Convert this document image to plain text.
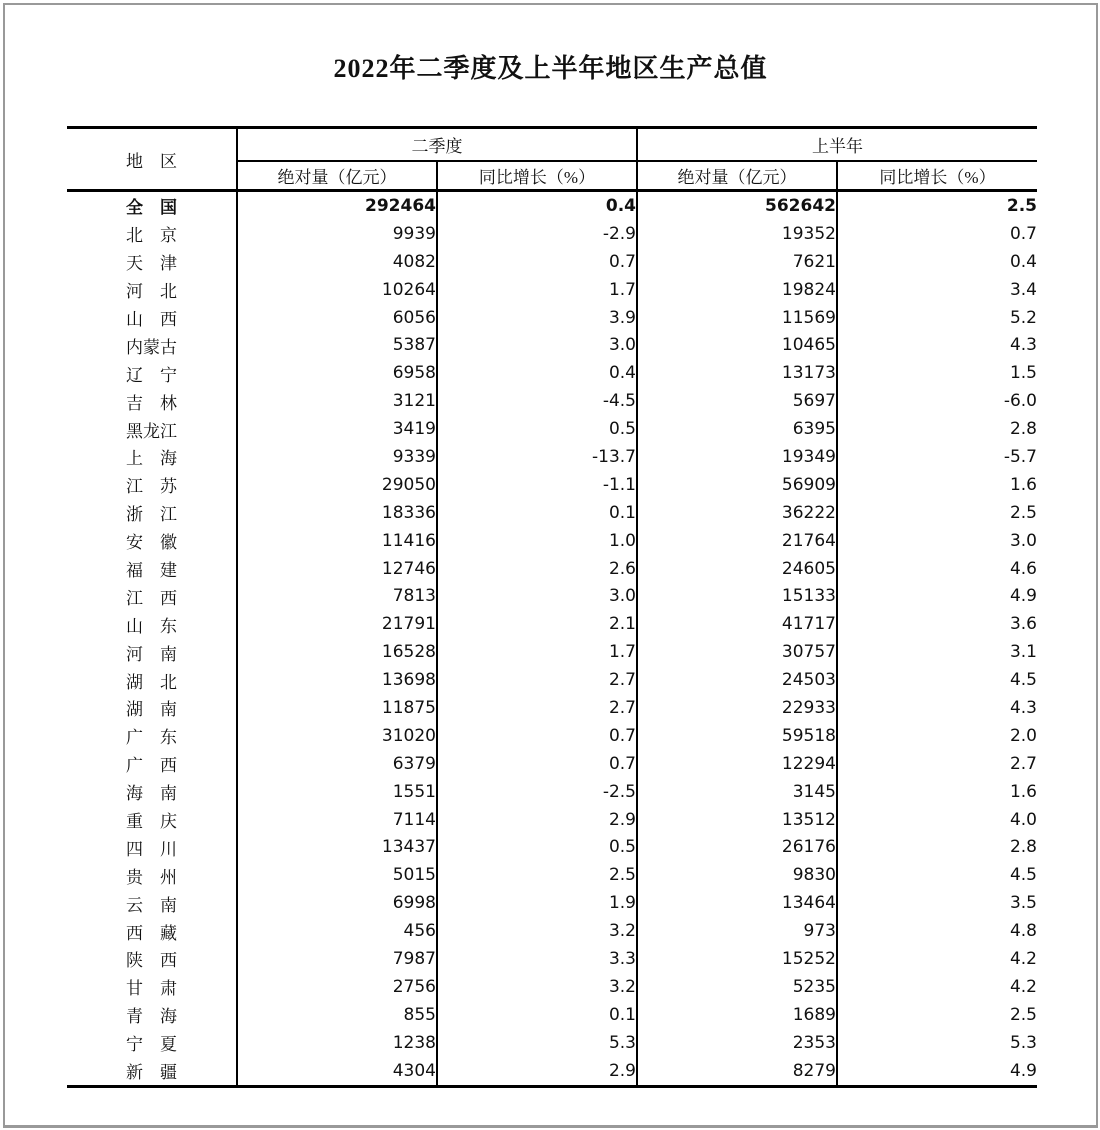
2022年二季度及上半年地区生产总值
地　区	二季度		上半年	
	绝对量（亿元）	同比增长（%）	绝对量（亿元）	同比增长（%）
全　国	292464	0.4	562642	2.5
北　京	9939	-2.9	19352	0.7
天　津	4082	0.7	7621	0.4
河　北	10264	1.7	19824	3.4
山　西	6056	3.9	11569	5.2
内蒙古	5387	3.0	10465	4.3
辽　宁	6958	0.4	13173	1.5
吉　林	3121	-4.5	5697	-6.0
黑龙江	3419	0.5	6395	2.8
上　海	9339	-13.7	19349	-5.7
江　苏	29050	-1.1	56909	1.6
浙　江	18336	0.1	36222	2.5
安　徽	11416	1.0	21764	3.0
福　建	12746	2.6	24605	4.6
江　西	7813	3.0	15133	4.9
山　东	21791	2.1	41717	3.6
河　南	16528	1.7	30757	3.1
湖　北	13698	2.7	24503	4.5
湖　南	11875	2.7	22933	4.3
广　东	31020	0.7	59518	2.0
广　西	6379	0.7	12294	2.7
海　南	1551	-2.5	3145	1.6
重　庆	7114	2.9	13512	4.0
四　川	13437	0.5	26176	2.8
贵　州	5015	2.5	9830	4.5
云　南	6998	1.9	13464	3.5
西　藏	456	3.2	973	4.8
陕　西	7987	3.3	15252	4.2
甘　肃	2756	3.2	5235	4.2
青　海	855	0.1	1689	2.5
宁　夏	1238	5.3	2353	5.3
新　疆	4304	2.9	8279	4.9
